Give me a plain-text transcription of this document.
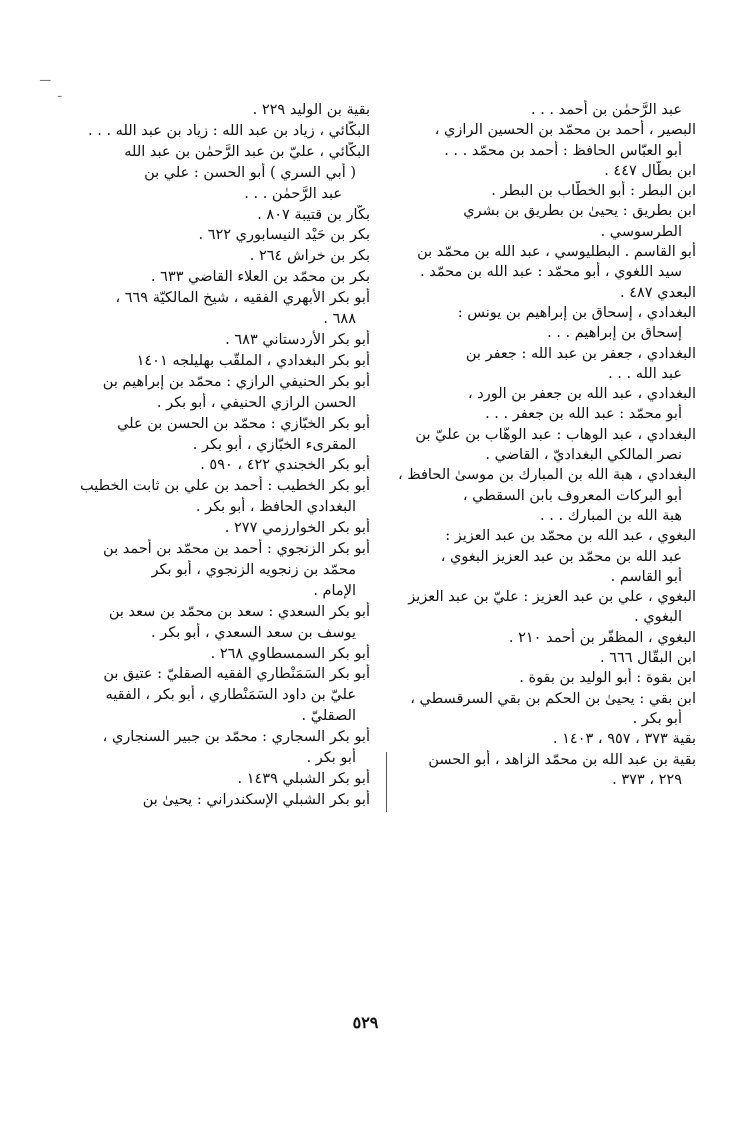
ـــ
ـ
عبد الرَّحمٰن بن أحمد . . .
البصير ، أحمد بن محمّد بن الحسين الرازي ،
أبو العبّاس الحافظ : أحمد بن محمّد . . .
ابن بطّال ٤٤٧ .
ابن البطر : أبو الخطّاب بن البطر .
ابن بطريق : يحيىٰ بن بطريق بن بشري
الطرسوسي .
أبو القاسم . البطليوسي ، عبد الله بن محمّد بن
سيد اللغوي ، أبو محمّد : عبد الله بن محمّد .
البعدي ٤٨٧ .
البغدادي ، إسحاق بن إبراهيم بن يونس :
إسحاق بن إبراهيم . . .
البغدادي ، جعفر بن عبد الله : جعفر بن
عبد الله . . .
البغدادي ، عبد الله بن جعفر بن الورد ،
أبو محمّد : عبد الله بن جعفر . . .
البغدادي ، عبد الوهاب : عبد الوهّاب بن عليّ بن
نصر المالكي البغداديّ ، القاضي .
البغدادي ، هبة الله بن المبارك بن موسىٰ الحافظ ،
أبو البركات المعروف بابن السقطي ،
هبة الله بن المبارك . . .
البغوي ، عبد الله بن محمّد بن عبد العزيز :
عبد الله بن محمّد بن عبد العزيز البغوي ،
أبو القاسم .
البغوي ، علي بن عبد العزيز : عليّ بن عبد العزيز
البغوي .
البغوي ، المظفّر بن أحمد ٢١٠ .
ابن البقّال ٦٦٦ .
ابن بقوة : أبو الوليد بن بقوة .
ابن بقي : يحيىٰ بن الحكم بن بقي السرقسطي ،
أبو بكر .
بقية ٣٧٣ ، ٩٥٧ ، ١٤٠٣ .
بقية بن عبد الله بن محمّد الزاهد ، أبو الحسن
٢٢٩ ، ٣٧٣ .
بقية بن الوليد ٢٢٩ .
البكّائي ، زياد بن عبد الله : زياد بن عبد الله . . .
البكّائي ، عليّ بن عبد الرَّحمٰن بن عبد الله
( أبي السري ) أبو الحسن : علي بن
عبد الرَّحمٰن . . .
بكّار بن قتيبة ٨٠٧ .
بكر بن حَيْد النيسابوري ٦٢٢ .
بكر بن خراش ٢٦٤ .
بكر بن محمّد بن العلاء القاضي ٦٣٣ .
أبو بكر الأبهري الفقيه ، شيخ المالكيّة ٦٦٩ ،
٦٨٨ .
أبو بكر الأردستاني ٦٨٣ .
أبو بكر البغدادي ، الملقّب بهليلجه ١٤٠١
أبو بكر الحنيفي الرازي : محمّد بن إبراهيم بن
الحسن الرازي الحنيفي ، أبو بكر .
أبو بكر الخبّازي : محمّد بن الحسن بن علي
المقرىء الخبّازي ، أبو بكر .
أبو بكر الخجندي ٤٢٢ ، ٥٩٠ .
أبو بكر الخطيب : أحمد بن علي بن ثابت الخطيب
البغدادي الحافظ ، أبو بكر .
أبو بكر الخوارزمي ٢٧٧ .
أبو بكر الزنجوي : أحمد بن محمّد بن أحمد بن
محمّد بن زنجويه الزنجوي ، أبو بكر
الإمام .
أبو بكر السعدي : سعد بن محمّد بن سعد بن
يوسف بن سعد السعدي ، أبو بكر .
أبو بكر السمسطاوي ٢٦٨ .
أبو بكر السَمَنْطاري الفقيه الصقليّ : عتيق بن
عليّ بن داود السَمَنْطاري ، أبو بكر ، الفقيه
الصقليّ .
أبو بكر السجاري : محمّد بن جبير السنجاري ،
أبو بكر .
أبو بكر الشبلي ١٤٣٩ .
أبو بكر الشبلي الإسكندراني : يحيىٰ بن
٥٢٩
